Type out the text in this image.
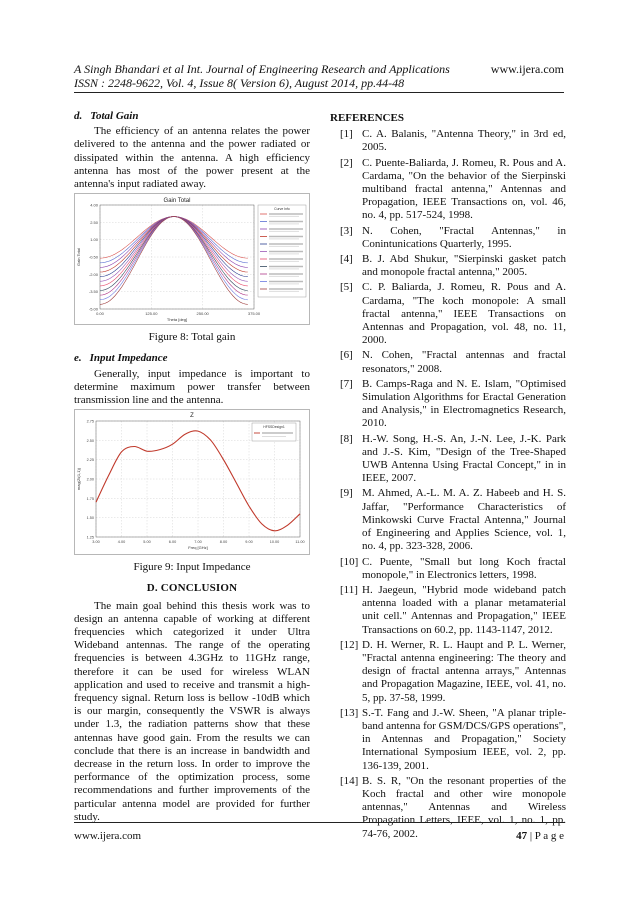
A Singh Bhandari et al Int. Journal of Engineering Research and Applications	www.ijera.com
ISSN : 2248-9622, Vol. 4, Issue 8( Version 6), August 2014, pp.44-48
d. Total Gain

The efficiency of an antenna relates the power delivered to the antenna and the power radiated or dissipated within the antenna. A high efficiency antenna has most of the power present at the antenna's input radiated away.

Gain Total
4.00
2.50
1.00
-0.50
-2.00
-3.50
-5.00
0.00	125.00	250.00	375.00
Theta [deg]
Gain Total
Curve Info
Figure 8: Total gain
e. Input Impedance

Generally, input impedance is important to determine maximum power transfer between transmission line and the antenna.

Z
2.75
2.50
2.25
2.00
1.75
1.50
1.25
3.00	4.00	5.00	6.00	7.00	8.00	9.00	10.00	11.00
Freq [GHz]
mag(Zt(1,1))
HFSSDesign1
Figure 9: Input Impedance
D. CONCLUSION

The main goal behind this thesis work was to design an antenna capable of working at different frequencies which categorized it under Ultra Wideband antennas. The range of the operating frequencies is between 4.3GHz to 11GHz range, therefore it can be used for wireless WLAN application and used to receive and transmit a high-frequency signal. Return loss is bellow -10dB which is our margin, consequently the VSWR is always under 1.3, the radiation patterns show that these antennas have good gain. From the results we can conclude that there is an increase in bandwidth and decrease in the return loss. In order to improve the performance of the optimization process, some recommendations and further improvements of the particular antenna model are provided for further study.

REFERENCES
[1] C. A. Balanis, "Antenna Theory," in 3rd ed, 2005.
[2] C. Puente-Baliarda, J. Romeu, R. Pous and A. Cardama, "On the behavior of the Sierpinski multiband fractal antenna," Antennas and Propagation, IEEE Transactions on, vol. 46, no. 4, pp. 517-524, 1998.
[3] N. Cohen, "Fractal Antennas," in Conintunications Quarterly, 1995.
[4] B. J. Abd Shukur, "Sierpinski gasket patch and monopole fractal antenna," 2005.
[5] C. P. Baliarda, J. Romeu, R. Pous and A. Cardama, "The koch monopole: A small fractal antenna," IEEE Transactions on Antennas and Propagation, vol. 48, no. 11, 2000.
[6] N. Cohen, "Fractal antennas and fractal resonators," 2008.
[7] B. Camps-Raga and N. E. Islam, "Optimised Simulation Algorithms for Eractal Generation and Analysis," in Electromagnetics Research, 2010.
[8] H.-W. Song, H.-S. An, J.-N. Lee, J.-K. Park and J.-S. Kim, "Design of the Tree-Shaped UWB Antenna Using Fractal Concept," in in IEEE, 2007.
[9] M. Ahmed, A.-L. M. A. Z. Habeeb and H. S. Jaffar, "Performance Characteristics of Minkowski Curve Fractal Antenna," Journal of Engineering and Applies Science, vol. 1, no. 4, pp. 323-328, 2006.
[10] C. Puente, "Small but long Koch fractal monopole," in Electronics letters, 1998.
[11] H. Jaegeun, "Hybrid mode wideband patch antenna loaded with a planar metamaterial unit cell." Antennas and Propagation," IEEE Transactions on 60.2, pp. 1143-1147, 2012.
[12] D. H. Werner, R. L. Haupt and P. L. Werner, "Fractal antenna engineering: The theory and design of fractal antenna arrays," Antennas and Propagation Magazine, IEEE, vol. 41, no. 5, pp. 37-58, 1999.
[13] S.-T. Fang and J.-W. Sheen, "A planar triple-band antenna for GSM/DCS/GPS operations", in Antennas and Propagation," Society International Symposium IEEE, vol. 2, pp. 136-139, 2001.
[14] B. S. R, "On the resonant properties of the Koch fractal and other wire monopole antennas," Antennas and Wireless Propagation Letters, IEEE, vol. 1, no. 1, pp. 74-76, 2002.
www.ijera.com	47 | P a g e
